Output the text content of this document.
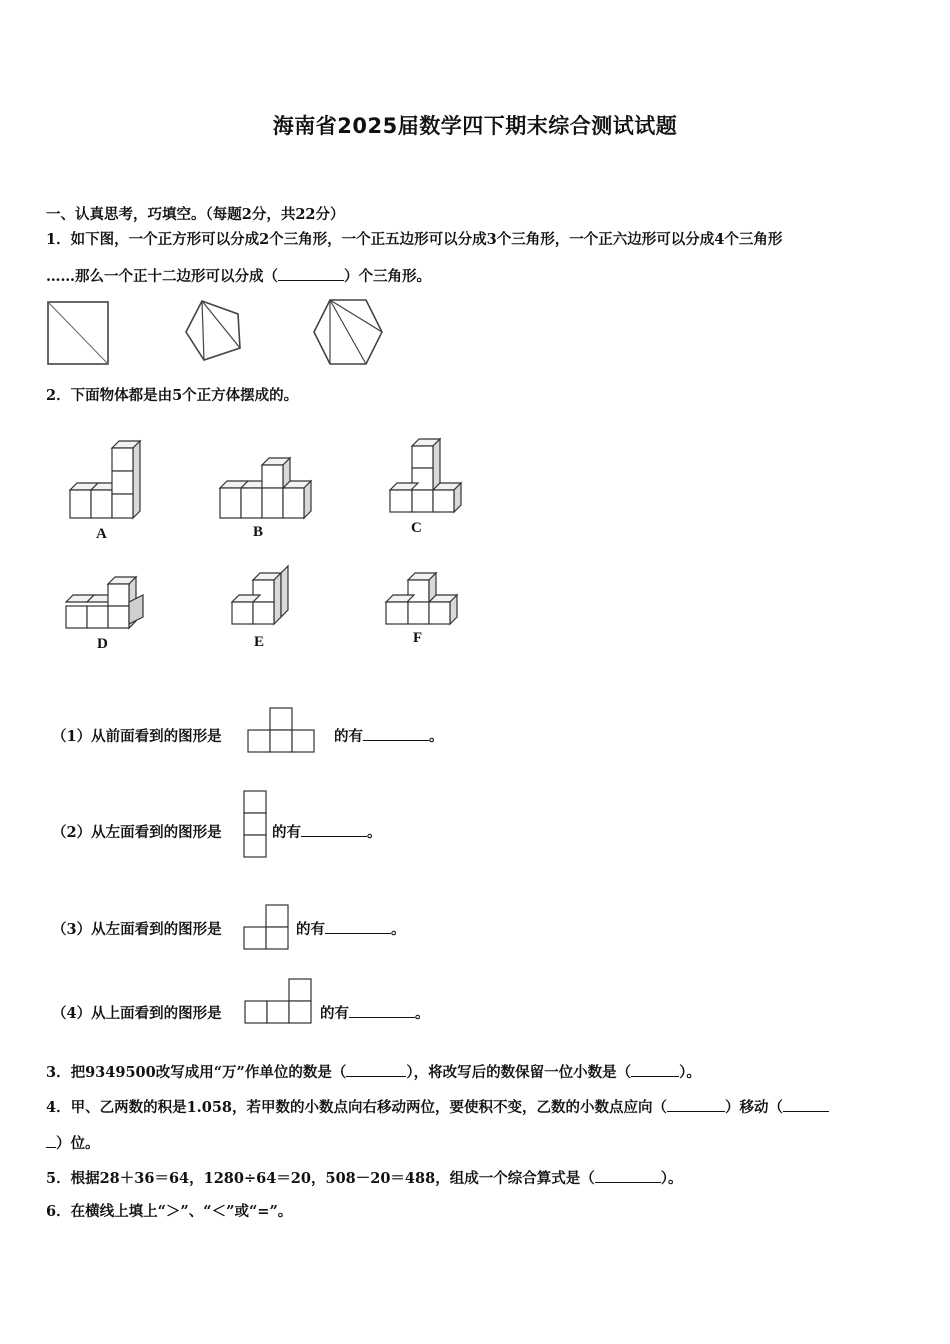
海南省2025届数学四下期末综合测试试题
一、认真思考，巧填空。（每题2分，共22分）
1．如下图，一个正方形可以分成2个三角形，一个正五边形可以分成3个三角形，一个正六边形可以分成4个三角形
……那么一个正十二边形可以分成（	）个三角形。
2．下面物体都是由5个正方体摆成的。
A	B	C
D	E	F
（1）从前面看到的图形是	的有	。
（2）从左面看到的图形是	的有	。
（3）从左面看到的图形是	的有	。
（4）从上面看到的图形是	的有	。
3．把9349500改写成用“万”作单位的数是（	），将改写后的数保留一位小数是（	）。
4．甲、乙两数的积是1.058，若甲数的小数点向右移动两位，要使积不变，乙数的小数点应向（	）移动（
）位。
5．根据28＋36＝64，1280÷64＝20，508－20＝488，组成一个综合算式是（	）。
6．在横线上填上“＞”、“＜”或“=”。
